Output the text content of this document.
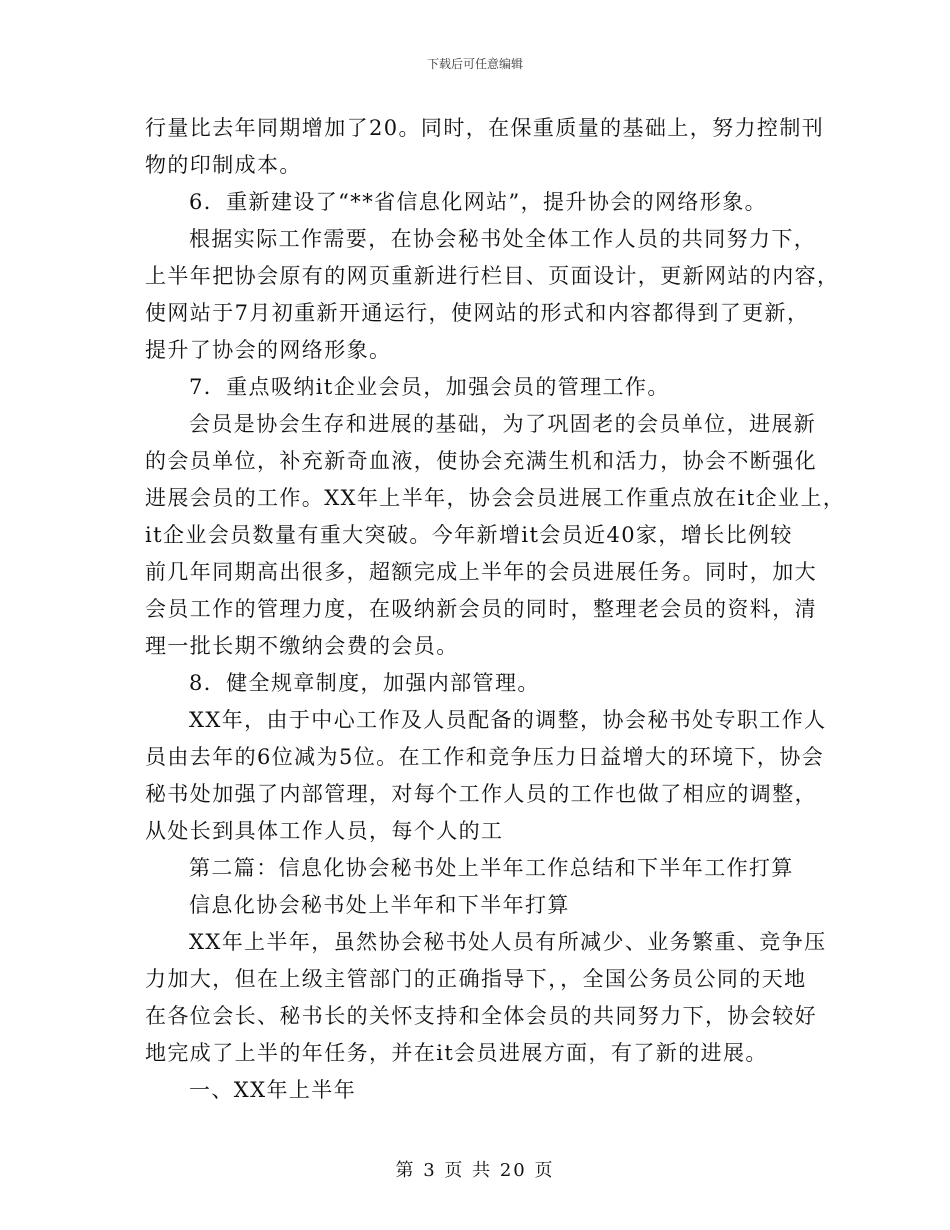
下载后可任意编辑
行量比去年同期增加了20。同时，在保重质量的基础上，努力控制刊
物的印制成本。
6．重新建设了“**省信息化网站”，提升协会的网络形象。
根据实际工作需要，在协会秘书处全体工作人员的共同努力下，
上半年把协会原有的网页重新进行栏目、页面设计，更新网站的内容，
使网站于7月初重新开通运行，使网站的形式和内容都得到了更新，
提升了协会的网络形象。
7．重点吸纳it企业会员，加强会员的管理工作。
会员是协会生存和进展的基础，为了巩固老的会员单位，进展新
的会员单位，补充新奇血液，使协会充满生机和活力，协会不断强化
进展会员的工作。XX年上半年，协会会员进展工作重点放在it企业上，
it企业会员数量有重大突破。今年新增it会员近40家，增长比例较
前几年同期高出很多，超额完成上半年的会员进展任务。同时，加大
会员工作的管理力度，在吸纳新会员的同时，整理老会员的资料，清
理一批长期不缴纳会费的会员。
8．健全规章制度，加强内部管理。
XX年，由于中心工作及人员配备的调整，协会秘书处专职工作人
员由去年的6位减为5位。在工作和竞争压力日益增大的环境下，协会
秘书处加强了内部管理，对每个工作人员的工作也做了相应的调整，
从处长到具体工作人员，每个人的工
第二篇：信息化协会秘书处上半年工作总结和下半年工作打算
信息化协会秘书处上半年和下半年打算
XX年上半年，虽然协会秘书处人员有所减少、业务繁重、竞争压
力加大，但在上级主管部门的正确指导下，，全国公务员公同的天地
在各位会长、秘书长的关怀支持和全体会员的共同努力下，协会较好
地完成了上半的年任务，并在it会员进展方面，有了新的进展。
一、XX年上半年
第 3 页 共 20 页
